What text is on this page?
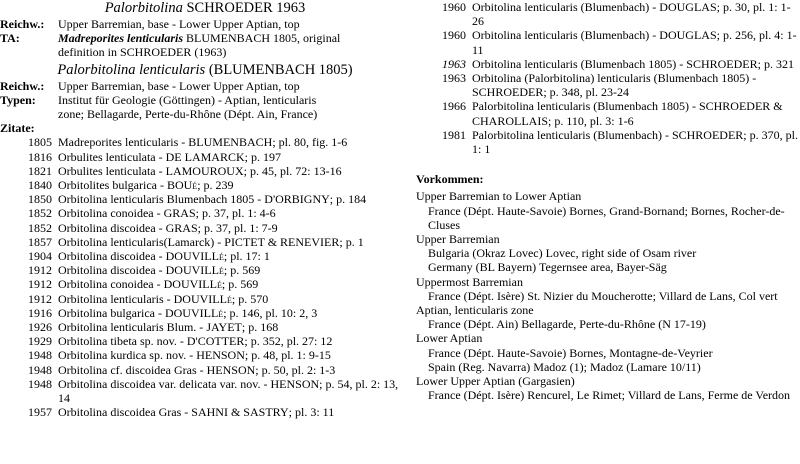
Palorbitolina SCHROEDER 1963
Reichw.:	Upper Barremian, base - Lower Upper Aptian, top
TA:	Madreporites lenticularis BLUMENBACH 1805, original
definition in SCHROEDER (1963)
Palorbitolina lenticularis (BLUMENBACH 1805)
Reichw.:	Upper Barremian, base - Lower Upper Aptian, top
Typen:	Institut für Geologie (Göttingen) - Aptian, lenticularis
zone; Bellagarde, Perte-du-Rhône (Dépt. Ain, France)
Zitate:
1805 Madreporites lenticularis - BLUMENBACH; pl. 80, fig. 1-6
1816 Orbulites lenticulata - DE LAMARCK; p. 197
1821 Orbulites lenticulata - LAMOUROUX; p. 45, pl. 72: 13-16
1840 Orbitolites bulgarica - BOUé; p. 239
1850 Orbitolina lenticularis Blumenbach 1805 - D'ORBIGNY; p. 184
1852 Orbitolina conoidea - GRAS; p. 37, pl. 1: 4-6
1852 Orbitolina discoidea - GRAS; p. 37, pl. 1: 7-9
1857 Orbitolina lenticularis(Lamarck) - PICTET & RENEVIER; p. 1
1904 Orbitolina discoidea - DOUVILLé; pl. 17: 1
1912 Orbitolina discoidea - DOUVILLé; p. 569
1912 Orbitolina conoidea - DOUVILLé; p. 569
1912 Orbitolina lenticularis - DOUVILLé; p. 570
1916 Orbitolina bulgarica - DOUVILLé; p. 146, pl. 10: 2, 3
1926 Orbitolina lenticularis Blum. - JAYET; p. 168
1929 Orbitolina tibeta sp. nov. - D'COTTER; p. 352, pl. 27: 12
1948 Orbitolina kurdica sp. nov. - HENSON; p. 48, pl. 1: 9-15
1948 Orbitolina cf. discoidea Gras - HENSON; p. 50, pl. 2: 1-3
1948 Orbitolina discoidea var. delicata var. nov. - HENSON; p. 54, pl. 2: 13, 14
1957 Orbitolina discoidea Gras - SAHNI & SASTRY; pl. 3: 11
1960 Orbitolina lenticularis (Blumenbach) - DOUGLAS; p. 30, pl. 1: 1-26
1960 Orbitolina lenticularis (Blumenbach) - DOUGLAS; p. 256, pl. 4: 1-11
1963 Orbitolina lenticularis (Blumenbach 1805) - SCHROEDER; p. 321
1963 Orbitolina (Palorbitolina) lenticularis (Blumenbach 1805) - SCHROEDER; p. 348, pl. 23-24
1966 Palorbitolina lenticularis (Blumenbach 1805) - SCHROEDER & CHAROLLAIS; p. 110, pl. 3: 1-6
1981 Palorbitolina lenticularis (Blumenbach) - SCHROEDER; p. 370, pl. 1: 1
Vorkommen:
Upper Barremian to Lower Aptian
France (Dépt. Haute-Savoie) Bornes, Grand-Bornand; Bornes, Rocher-de-Cluses
Upper Barremian
Bulgaria (Okraz Lovec) Lovec, right side of Osam river
Germany (BL Bayern) Tegernsee area, Bayer-Säg
Uppermost Barremian
France (Dépt. Isère) St. Nizier du Moucherotte; Villard de Lans, Col vert
Aptian, lenticularis zone
France (Dépt. Ain) Bellagarde, Perte-du-Rhône (N 17-19)
Lower Aptian
France (Dépt. Haute-Savoie) Bornes, Montagne-de-Veyrier
Spain (Reg. Navarra) Madoz (1); Madoz (Lamare 10/11)
Lower Upper Aptian (Gargasien)
France (Dépt. Isère) Rencurel, Le Rimet; Villard de Lans, Ferme de Verdon
